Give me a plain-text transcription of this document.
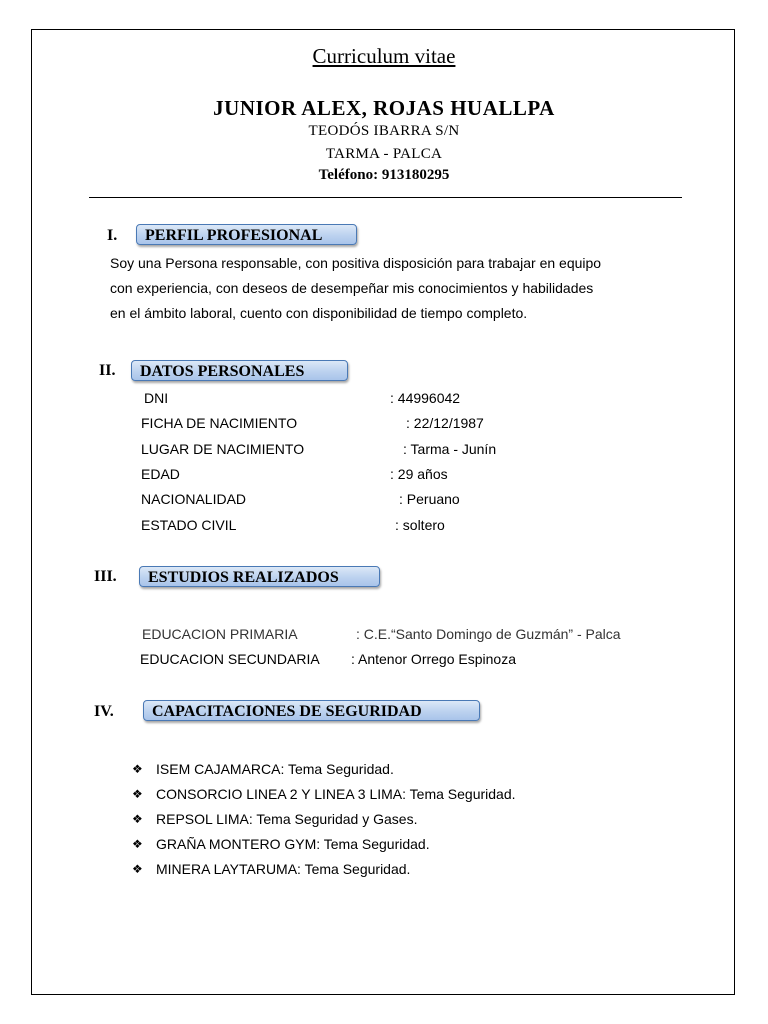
Curriculum vitae
JUNIOR ALEX, ROJAS HUALLPA
TEODÓS IBARRA S/N
TARMA - PALCA
Teléfono: 913180295
I.	PERFIL PROFESIONAL
Soy una Persona responsable, con positiva disposición para trabajar en equipo
con experiencia, con deseos de desempeñar mis conocimientos y habilidades
en el ámbito laboral, cuento con disponibilidad de tiempo completo.
II.	DATOS PERSONALES
DNI	: 44996042
FICHA DE NACIMIENTO	: 22/12/1987
LUGAR DE NACIMIENTO	: Tarma - Junín
EDAD	: 29 años
NACIONALIDAD	: Peruano
ESTADO CIVIL	: soltero
III.	ESTUDIOS REALIZADOS
EDUCACION PRIMARIA	: C.E.“Santo Domingo de Guzmán” - Palca
EDUCACION SECUNDARIA : Antenor Orrego Espinoza
IV.	CAPACITACIONES DE SEGURIDAD
❖ ISEM CAJAMARCA: Tema Seguridad.
❖ CONSORCIO LINEA 2 Y LINEA 3 LIMA: Tema Seguridad.
❖ REPSOL LIMA: Tema Seguridad y Gases.
❖ GRAÑA MONTERO GYM: Tema Seguridad.
❖ MINERA LAYTARUMA: Tema Seguridad.
